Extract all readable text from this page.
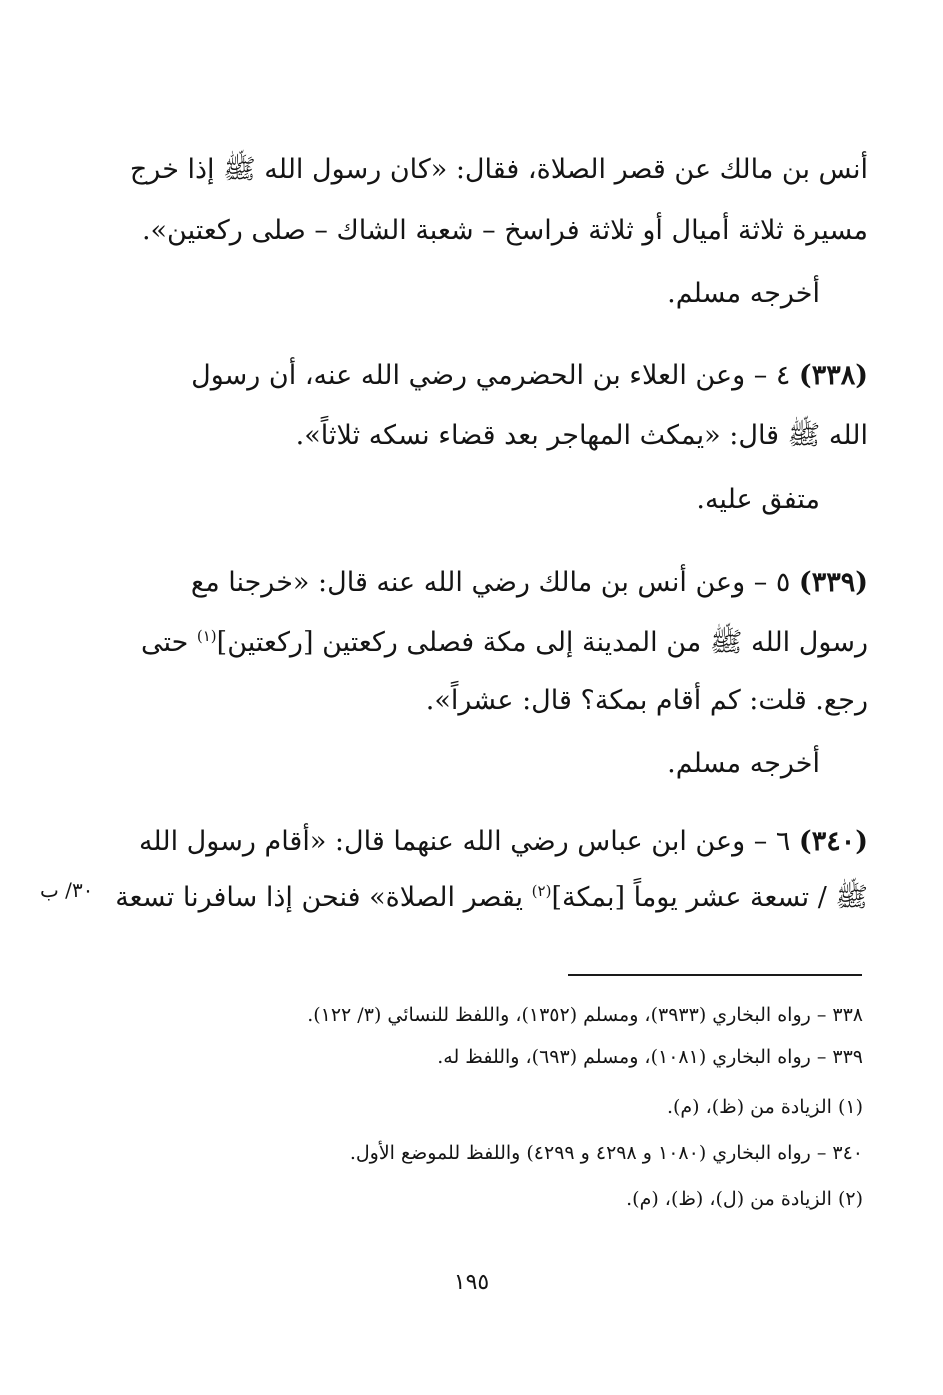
أنس بن مالك عن قصر الصلاة، فقال: «كان رسول الله ﷺ إذا خرج
مسيرة ثلاثة أميال أو ثلاثة فراسخ – شعبة الشاك – صلى ركعتين».
أخرجه مسلم.
(٣٣٨) ٤ – وعن العلاء بن الحضرمي رضي الله عنه، أن رسول
الله ﷺ قال: «يمكث المهاجر بعد قضاء نسكه ثلاثاً».
متفق عليه.
(٣٣٩) ٥ – وعن أنس بن مالك رضي الله عنه قال: «خرجنا مع
رسول الله ﷺ من المدينة إلى مكة فصلى ركعتين [ركعتين]$^{(١)}$ حتى
رجع. قلت: كم أقام بمكة؟ قال: عشراً».
أخرجه مسلم.
(٣٤٠) ٦ – وعن ابن عباس رضي الله عنهما قال: «أقام رسول الله
ﷺ / تسعة عشر يوماً [بمكة]$^{(٢)}$ يقصر الصلاة» فنحن إذا سافرنا تسعة
٣٠/ ب
٣٣٨ – رواه البخاري (٣٩٣٣)، ومسلم (١٣٥٢)، واللفظ للنسائي (٣/ ١٢٢).
٣٣٩ – رواه البخاري (١٠٨١)، ومسلم (٦٩٣)، واللفظ له.
(١) الزيادة من (ظ)، (م).
٣٤٠ – رواه البخاري (١٠٨٠ و ٤٢٩٨ و ٤٢٩٩) واللفظ للموضع الأول.
(٢) الزيادة من (ل)، (ظ)، (م).
١٩٥
